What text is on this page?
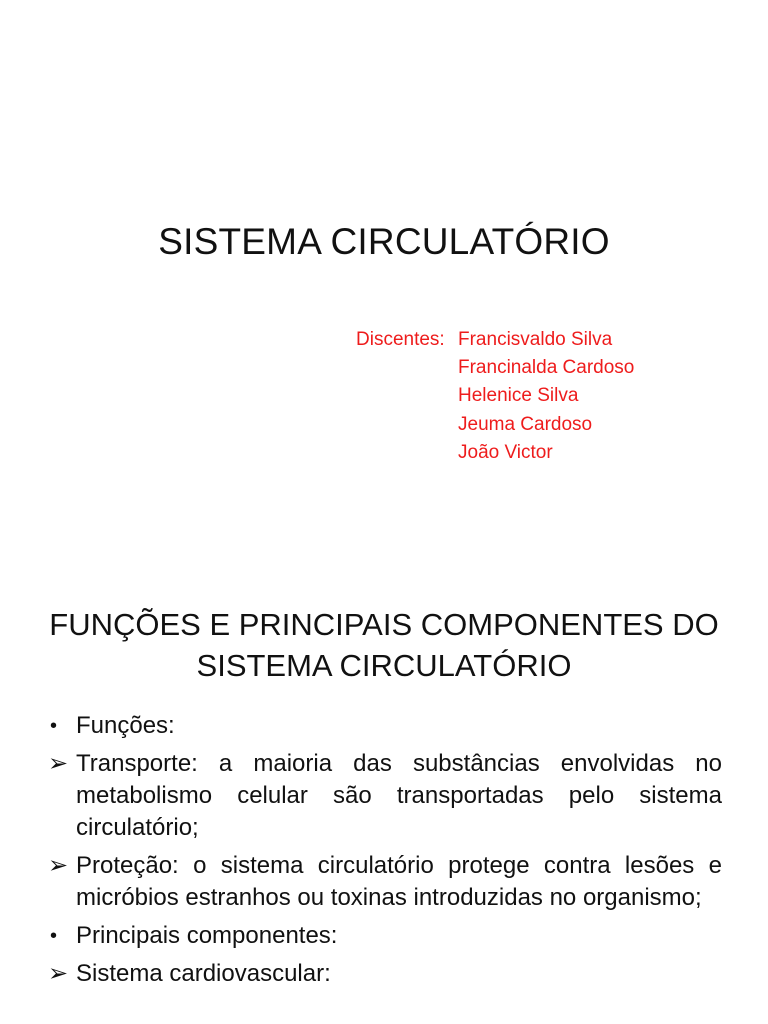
SISTEMA CIRCULATÓRIO
Discentes: Francisvaldo Silva
Francinalda Cardoso
Helenice Silva
Jeuma Cardoso
João Victor
FUNÇÕES E PRINCIPAIS COMPONENTES DO
SISTEMA CIRCULATÓRIO
• Funções:
➢ Transporte: a maioria das substâncias envolvidas no metabolismo celular são transportadas pelo sistema circulatório;
➢ Proteção: o sistema circulatório protege contra lesões e micróbios estranhos ou toxinas introduzidas no organismo;
• Principais componentes:
➢ Sistema cardiovascular:
